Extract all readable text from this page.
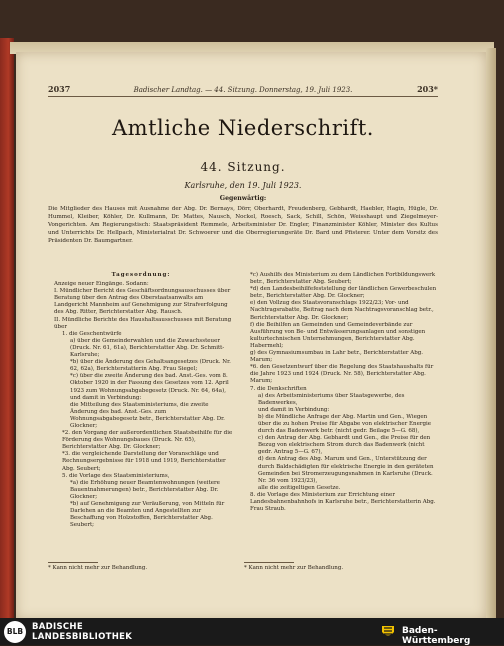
2037	Badischer Landtag. — 44. Sitzung. Donnerstag, 19. Juli 1923.	203*
Amtliche Niederschrift.
44. Sitzung.
Karlsruhe, den 19. Juli 1923.
Gegenwärtig:
Die Mitglieder des Hauses mit Ausnahme der Abg. Dr. Bernays, Dörr, Oberhardt, Freudenberg, Gebhardt, Haebler, Hagin, Hügle, Dr. Hummel, Kleiber, Köhler, Dr. Kullmann, Dr. Mattes, Nausch, Nockel, Roesch, Sack, Schill, Schön, Weisshaupt und Ziegelmeyer-Vongerichten. Am Regierungstisch: Staatspräsident Remmele, Arbeitsminister Dr. Engler, Finanzminister Köhler, Minister des Kultus und Unterrichts Dr. Hellpach, Ministerialrat Dr. Schwoerer und die Oberregierungsräte Dr. Bard und Pfisterer. Unter dem Vorsitz des Präsidenten Dr. Baumgartner.

Tagesordnung:

Anzeige neuer Eingänge. Sodann:

I. Mündlicher Bericht des Geschäftsordnungsausschusses über Beratung über den Antrag des Oberstaatsanwalts am Landgericht Mannheim auf Genehmigung zur Strafverfolgung des Abg. Ritter, Berichterstatter Abg. Rausch.

II. Mündliche Berichte des Haushaltsausschusses mit Beratung über

1. die Geschentwürfe

a) über die Gemeinderwahlen und die Zuwachssteuer (Druck. Nr. 61, 61a), Berichterstatter Abg. Dr. Schmitt-Karlsruhe;

*b) über die Änderung des Gehaltsangesetzes (Druck. Nr. 62, 62a), Berichterstatterin Abg. Frau Siegel;

*c) über die zweite Änderung des bad. Anst.-Ges. vom 8. Oktober 1920 in der Fassung des Gesetzes vom 12. April 1923 zum Wohnungsabgabegesetz (Druck. Nr. 64, 64a),

und damit in Verbindung:

die Mitteilung des Staatsministeriums, die zweite Änderung des bad. Anst.-Ges. zum Wohnungsabgabegesetz betr., Berichterstatter Abg. Dr. Glockner;

*2. den Vorgang der außerordentlichen Staatsbeihilfe für die Förderung des Wohnungsbaues (Druck. Nr. 65), Berichterstatter Abg. Dr. Glockner;

*3. die vergleichende Darstellung der Voranschläge und Rechnungsergebnisse für 1918 und 1919, Berichterstatter Abg. Seubert;

5. die Vorlage des Staatsministeriums,

*a) die Erhöhung neuer Beamtenwohnungen (weitere Bauentnahmerungen) betr., Berichterstatter Abg. Dr. Glockner;

*b) auf Genehmigung zur Veräußerung, von Mitteln für Darlehen an die Beamten und Angestellten zur Beschaffung von Holzstoffen, Berichterstatter Abg. Seubert;

*c) Aushilfs des Ministerium zu dem Ländlichen Fortbildungswerk betr., Berichterstatter Abg. Seubert;

*d) den Landesbeihilfefeststellung der ländlichen Gewerbeschulen betr., Berichterstatter Abg. Dr. Glockner;

e) den Vollzug des Staatsvoranschlags 1922/23; Vor- und Nachtragsrabatte, Beitrag nach dem Nachtragsvoranschlag betr., Berichterstatter Abg. Dr. Glockner;

f) die Beihilfen an Gemeinden und Gemeindeverbände zur Ausführung von Be- und Entwässerungsanlagen und sonstigen kulturtechnischen Unternehmungen, Berichterstatter Abg. Habermehl;

g) des Gymnasiumsumbau in Lahr betr., Berichterstatter Abg. Marum;

*6. den Gesetzentwurf über die Regelung des Staatshaushalts für die Jahre 1923 und 1924 (Druck. Nr. 58), Berichterstatter Abg. Marum;

7. die Denkschriften

a) des Arbeitsministeriums über Staatsgewerbe, des Badenwerkes,

und damit in Verbindung:

b) die Mündliche Anfrage der Abg. Martin und Gen., Wiegen über die zu hohen Preise für Abgabe von elektrischer Energie durch das Badenwerk betr. (nicht gedr. Beilage 5—G. 68),

c) den Antrag der Abg. Gebhardt und Gen., die Preise für den Bezug von elektrischem Strom durch das Badenwerk (nicht gedr. Antrag 5—G. 67),

d) den Antrag des Abg. Marum und Gen., Unterstützung der durch Baldschädigten für elektrische Energie in den geräteten Gemeinden bei Stromerzeugungsnahmen in Karlsruhe (Druck. Nr. 36 vom 1923/23),

alle die zeitigeltigen Gesetze.

8. die Vorlage des Ministerium zur Errichtung einer Landesbahnenbahnhofs in Karlsruhe betr., Berichterstatterin Abg. Frau Straub.

* Kann nicht mehr zur Behandlung.	* Kann nicht mehr zur Behandlung.
BLB	BADISCHE
LANDESBIBLIOTHEK
Baden-Württemberg
